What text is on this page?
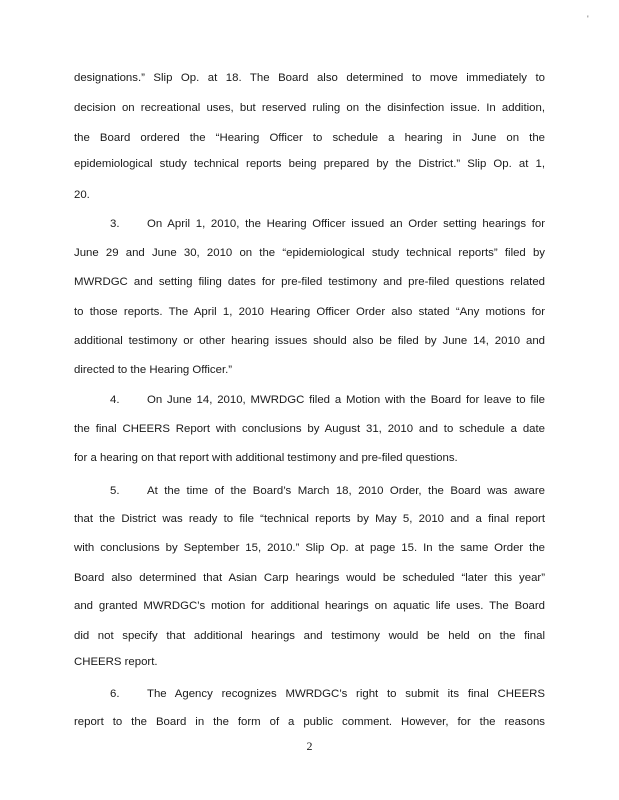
'
designations.” Slip Op. at 18. The Board also determined to move immediately to
decision on recreational uses, but reserved ruling on the disinfection issue. In addition,
the Board ordered the “Hearing Officer to schedule a hearing in June on the
epidemiological study technical reports being prepared by the District.” Slip Op. at 1,
20.
3. On April 1, 2010, the Hearing Officer issued an Order setting hearings for
June 29 and June 30, 2010 on the “epidemiological study technical reports” filed by
MWRDGC and setting filing dates for pre-filed testimony and pre-filed questions related
to those reports. The April 1, 2010 Hearing Officer Order also stated “Any motions for
additional testimony or other hearing issues should also be filed by June 14, 2010 and
directed to the Hearing Officer.”
4. On June 14, 2010, MWRDGC filed a Motion with the Board for leave to file
the final CHEERS Report with conclusions by August 31, 2010 and to schedule a date
for a hearing on that report with additional testimony and pre-filed questions.
5. At the time of the Board’s March 18, 2010 Order, the Board was aware
that the District was ready to file “technical reports by May 5, 2010 and a final report
with conclusions by September 15, 2010.” Slip Op. at page 15. In the same Order the
Board also determined that Asian Carp hearings would be scheduled “later this year”
and granted MWRDGC’s motion for additional hearings on aquatic life uses. The Board
did not specify that additional hearings and testimony would be held on the final
CHEERS report.
6. The Agency recognizes MWRDGC’s right to submit its final CHEERS
report to the Board in the form of a public comment. However, for the reasons
2
